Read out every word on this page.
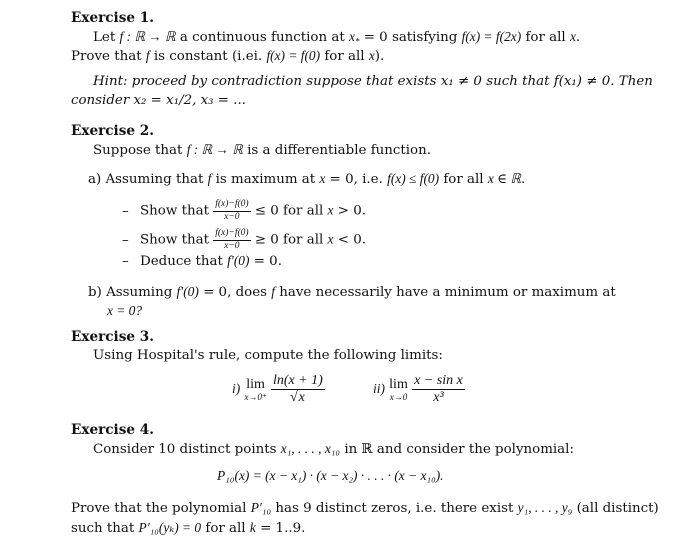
Exercise 1.
Let f : ℝ → ℝ a continuous function at $x_* = 0$ satisfying f(x) = f(2x) for all x.
Prove that f is constant (i.ei. f(x) = f(0) for all x).
Hint: proceed by contradiction suppose that exists x₁ ≠ 0 such that f(x₁) ≠ 0. Then
consider x₂ = x₁/2, x₃ = ...
Exercise 2.
Suppose that f : ℝ → ℝ is a differentiable function.
a) Assuming that f is maximum at x = 0, i.e. f(x) ≤ f(0) for all x ∈ ℝ.
– Show that $\frac{f(x)-f(0)}{x-0} \le 0$ for all x > 0.
– Show that $\frac{f(x)-f(0)}{x-0} \ge 0$ for all x < 0.
– Deduce that f′(0) = 0.
b) Assuming f′(0) = 0, does f have necessarily have a minimum or maximum at
x = 0?
Exercise 3.
Using Hospital's rule, compute the following limits:
i) lim
x→0⁺
$\frac{\ln(x + 1)}{√x}$	ii) lim
x→0
$\frac{\text{x − sin x}}{\text{x³}}$
Exercise 4.
Consider 10 distinct points x₁, . . . , x₁₀ in ℝ and consider the polynomial:
P₁₀(x) = (x − x₁) · (x − x₂) · . . . · (x − x₁₀).
Prove that the polynomial P′₁₀ has 9 distinct zeros, i.e. there exist y₁, . . . , y₉ (all distinct)
such that P′₁₀(yₖ) = 0 for all k = 1..9.
